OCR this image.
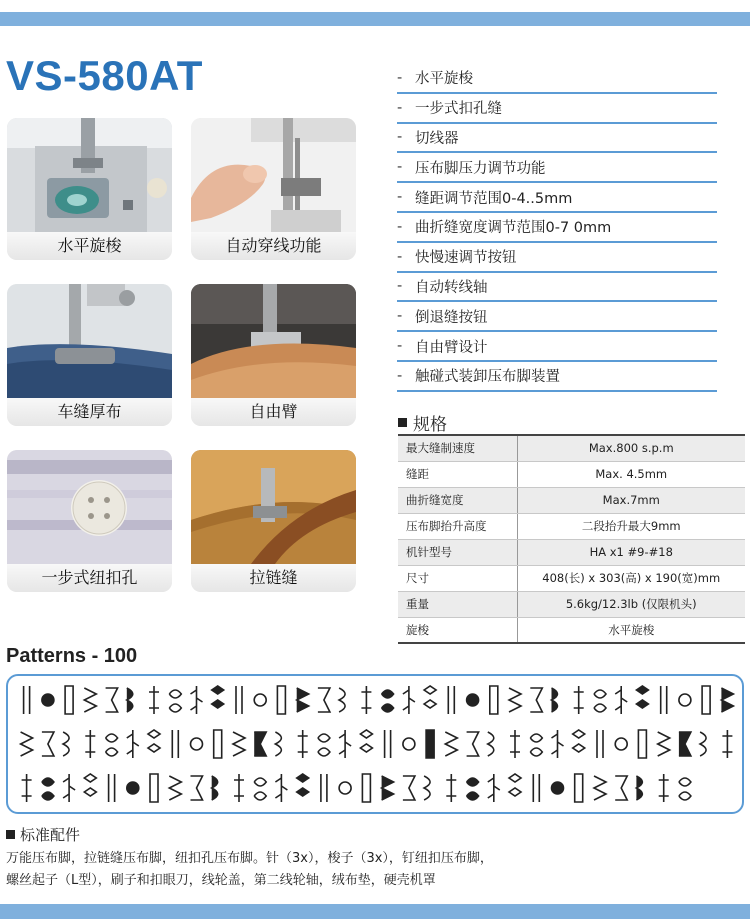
VS-580AT
水平旋梭	自动穿线功能
车缝厚布	自由臂
一步式纽扣孔	拉链缝
- 水平旋梭
- 一步式扣孔缝
- 切线器
- 压布脚压力调节功能
- 缝距调节范围0-4..5mm
- 曲折缝宽度调节范围0-7 0mm
- 快慢速调节按钮
- 自动转线轴
- 倒退缝按钮
- 自由臂设计
- 触碰式装卸压布脚装置
规格
最大缝制速度	Max.800 s.p.m
缝距	Max. 4.5mm
曲折缝宽度	Max.7mm
压布脚抬升高度	二段抬升最大9mm
机针型号	HA x1 #9-#18
尺寸	408(长) x 303(高) x 190(宽)mm
重量	5.6kg/12.3lb (仅限机头)
旋梭	水平旋梭
Patterns - 100
标准配件
万能压布脚，拉链缝压布脚，纽扣孔压布脚。针（3x），梭子（3x），钉纽扣压布脚，
螺丝起子（L型），刷子和扣眼刀，线轮盖，第二线轮轴，绒布垫，硬壳机罩
